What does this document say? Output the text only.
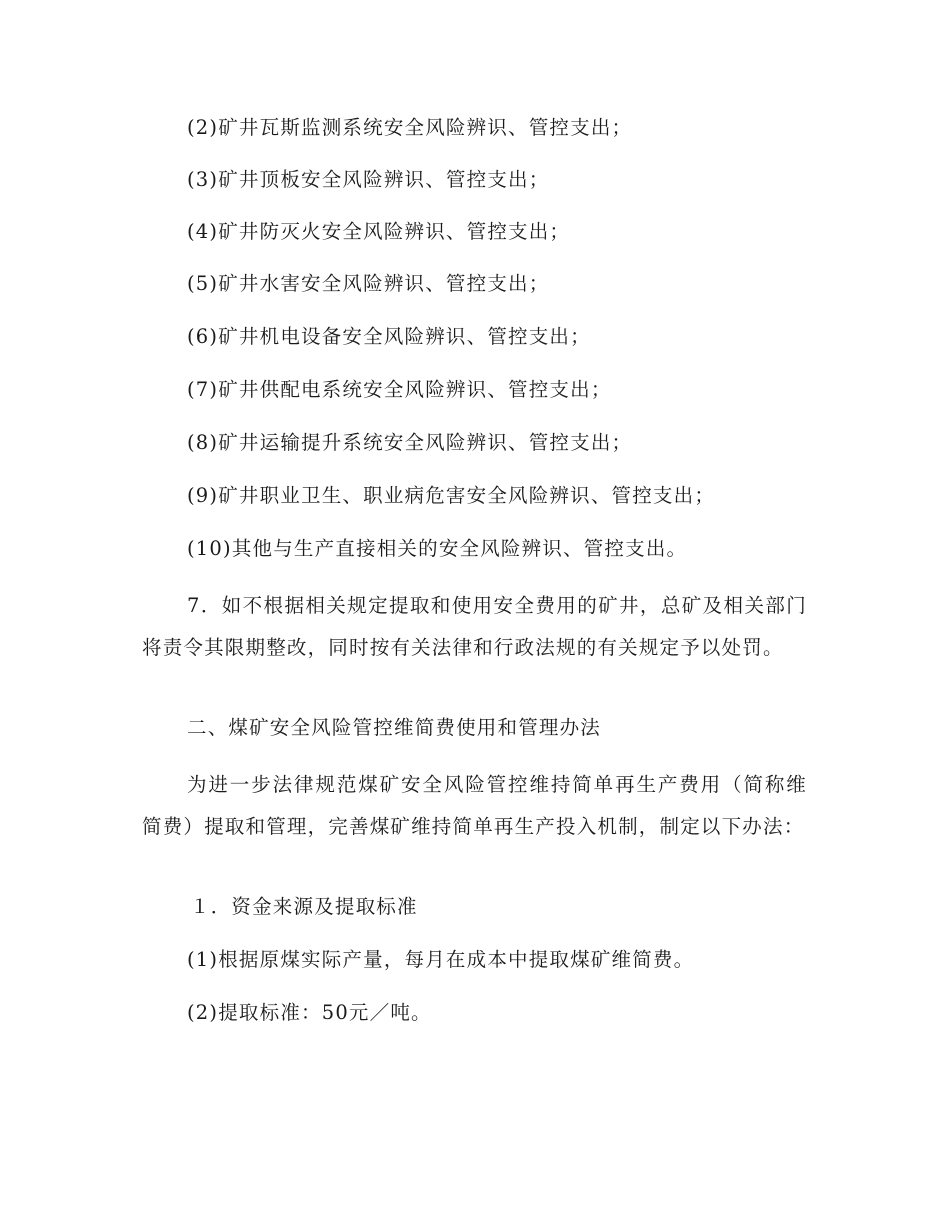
(2)矿井瓦斯监测系统安全风险辨识、管控支出；
(3)矿井顶板安全风险辨识、管控支出；
(4)矿井防灭火安全风险辨识、管控支出；
(5)矿井水害安全风险辨识、管控支出；
(6)矿井机电设备安全风险辨识、管控支出；
(7)矿井供配电系统安全风险辨识、管控支出；
(8)矿井运输提升系统安全风险辨识、管控支出；
(9)矿井职业卫生、职业病危害安全风险辨识、管控支出；
(10)其他与生产直接相关的安全风险辨识、管控支出。
7．如不根据相关规定提取和使用安全费用的矿井，总矿及相关部门将责令其限期整改，同时按有关法律和行政法规的有关规定予以处罚。
二、煤矿安全风险管控维简费使用和管理办法
为进一步法律规范煤矿安全风险管控维持简单再生产费用（简称维简费）提取和管理，完善煤矿维持简单再生产投入机制，制定以下办法：
１．资金来源及提取标准
(1)根据原煤实际产量，每月在成本中提取煤矿维简费。
(2)提取标准：50元／吨。
